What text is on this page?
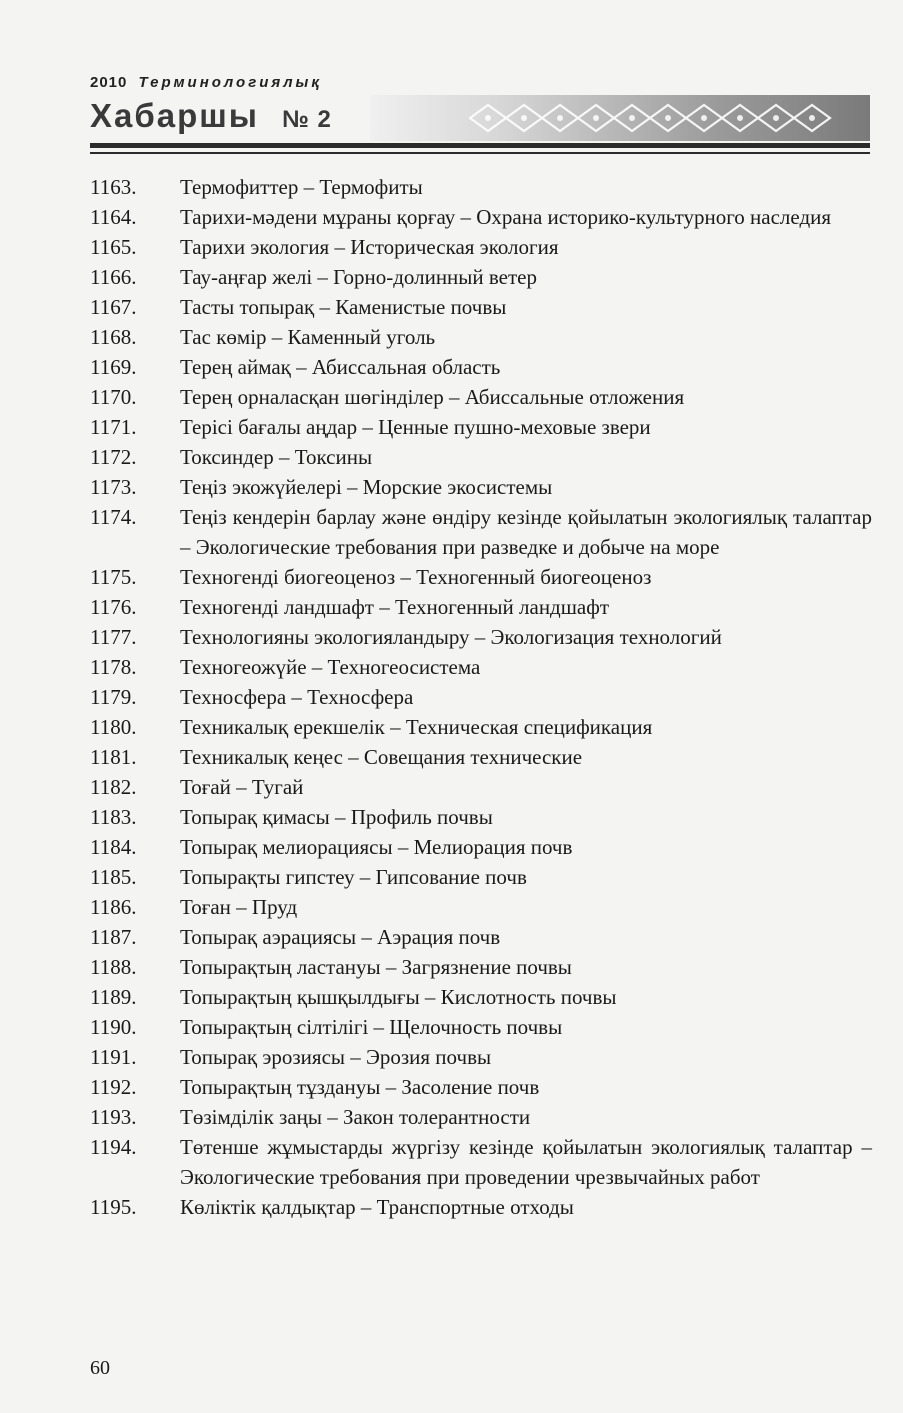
2010 Терминологиялық
Хабаршы № 2
1163.	Термофиттер – Термофиты
1164.	Тарихи-мәдени мұраны қорғау – Охрана историко-культурного наследия
1165.	Тарихи экология – Историческая экология
1166.	Тау-аңғар желі – Горно-долинный ветер
1167.	Тасты топырақ – Каменистые почвы
1168.	Тас көмір – Каменный уголь
1169.	Терең аймақ – Абиссальная область
1170.	Терең орналасқан шөгінділер – Абиссальные отложения
1171.	Терісі бағалы аңдар – Ценные пушно-меховые звери
1172.	Токсиндер – Токсины
1173.	Теңіз экожүйелері – Морские экосистемы
1174.	Теңіз кендерін барлау және өндіру кезінде қойылатын экологиялық талаптар – Экологические требования при разведке и добыче на море
1175.	Техногенді биогеоценоз – Техногенный биогеоценоз
1176.	Техногенді ландшафт – Техногенный ландшафт
1177.	Технологияны экологияландыру – Экологизация технологий
1178.	Техногеожүйе – Техногеосистема
1179.	Техносфера – Техносфера
1180.	Техникалық ерекшелік – Техническая спецификация
1181.	Техникалық кеңес – Совещания технические
1182.	Тоғай – Тугай
1183.	Топырақ қимасы – Профиль почвы
1184.	Топырақ мелиорациясы – Мелиорация почв
1185.	Топырақты гипстеу – Гипсование почв
1186.	Тоған – Пруд
1187.	Топырақ аэрациясы – Аэрация почв
1188.	Топырақтың ластануы – Загрязнение почвы
1189.	Топырақтың қышқылдығы – Кислотность почвы
1190.	Топырақтың сілтілігі – Щелочность почвы
1191.	Топырақ эрозиясы – Эрозия почвы
1192.	Топырақтың тұздануы – Засоление почв
1193.	Төзімділік заңы – Закон толерантности
1194.	Төтенше жұмыстарды жүргізу кезінде қойылатын экологиялық талаптар – Экологические требования при проведении чрезвычайных работ
1195.	Көліктік қалдықтар – Транспортные отходы
60
